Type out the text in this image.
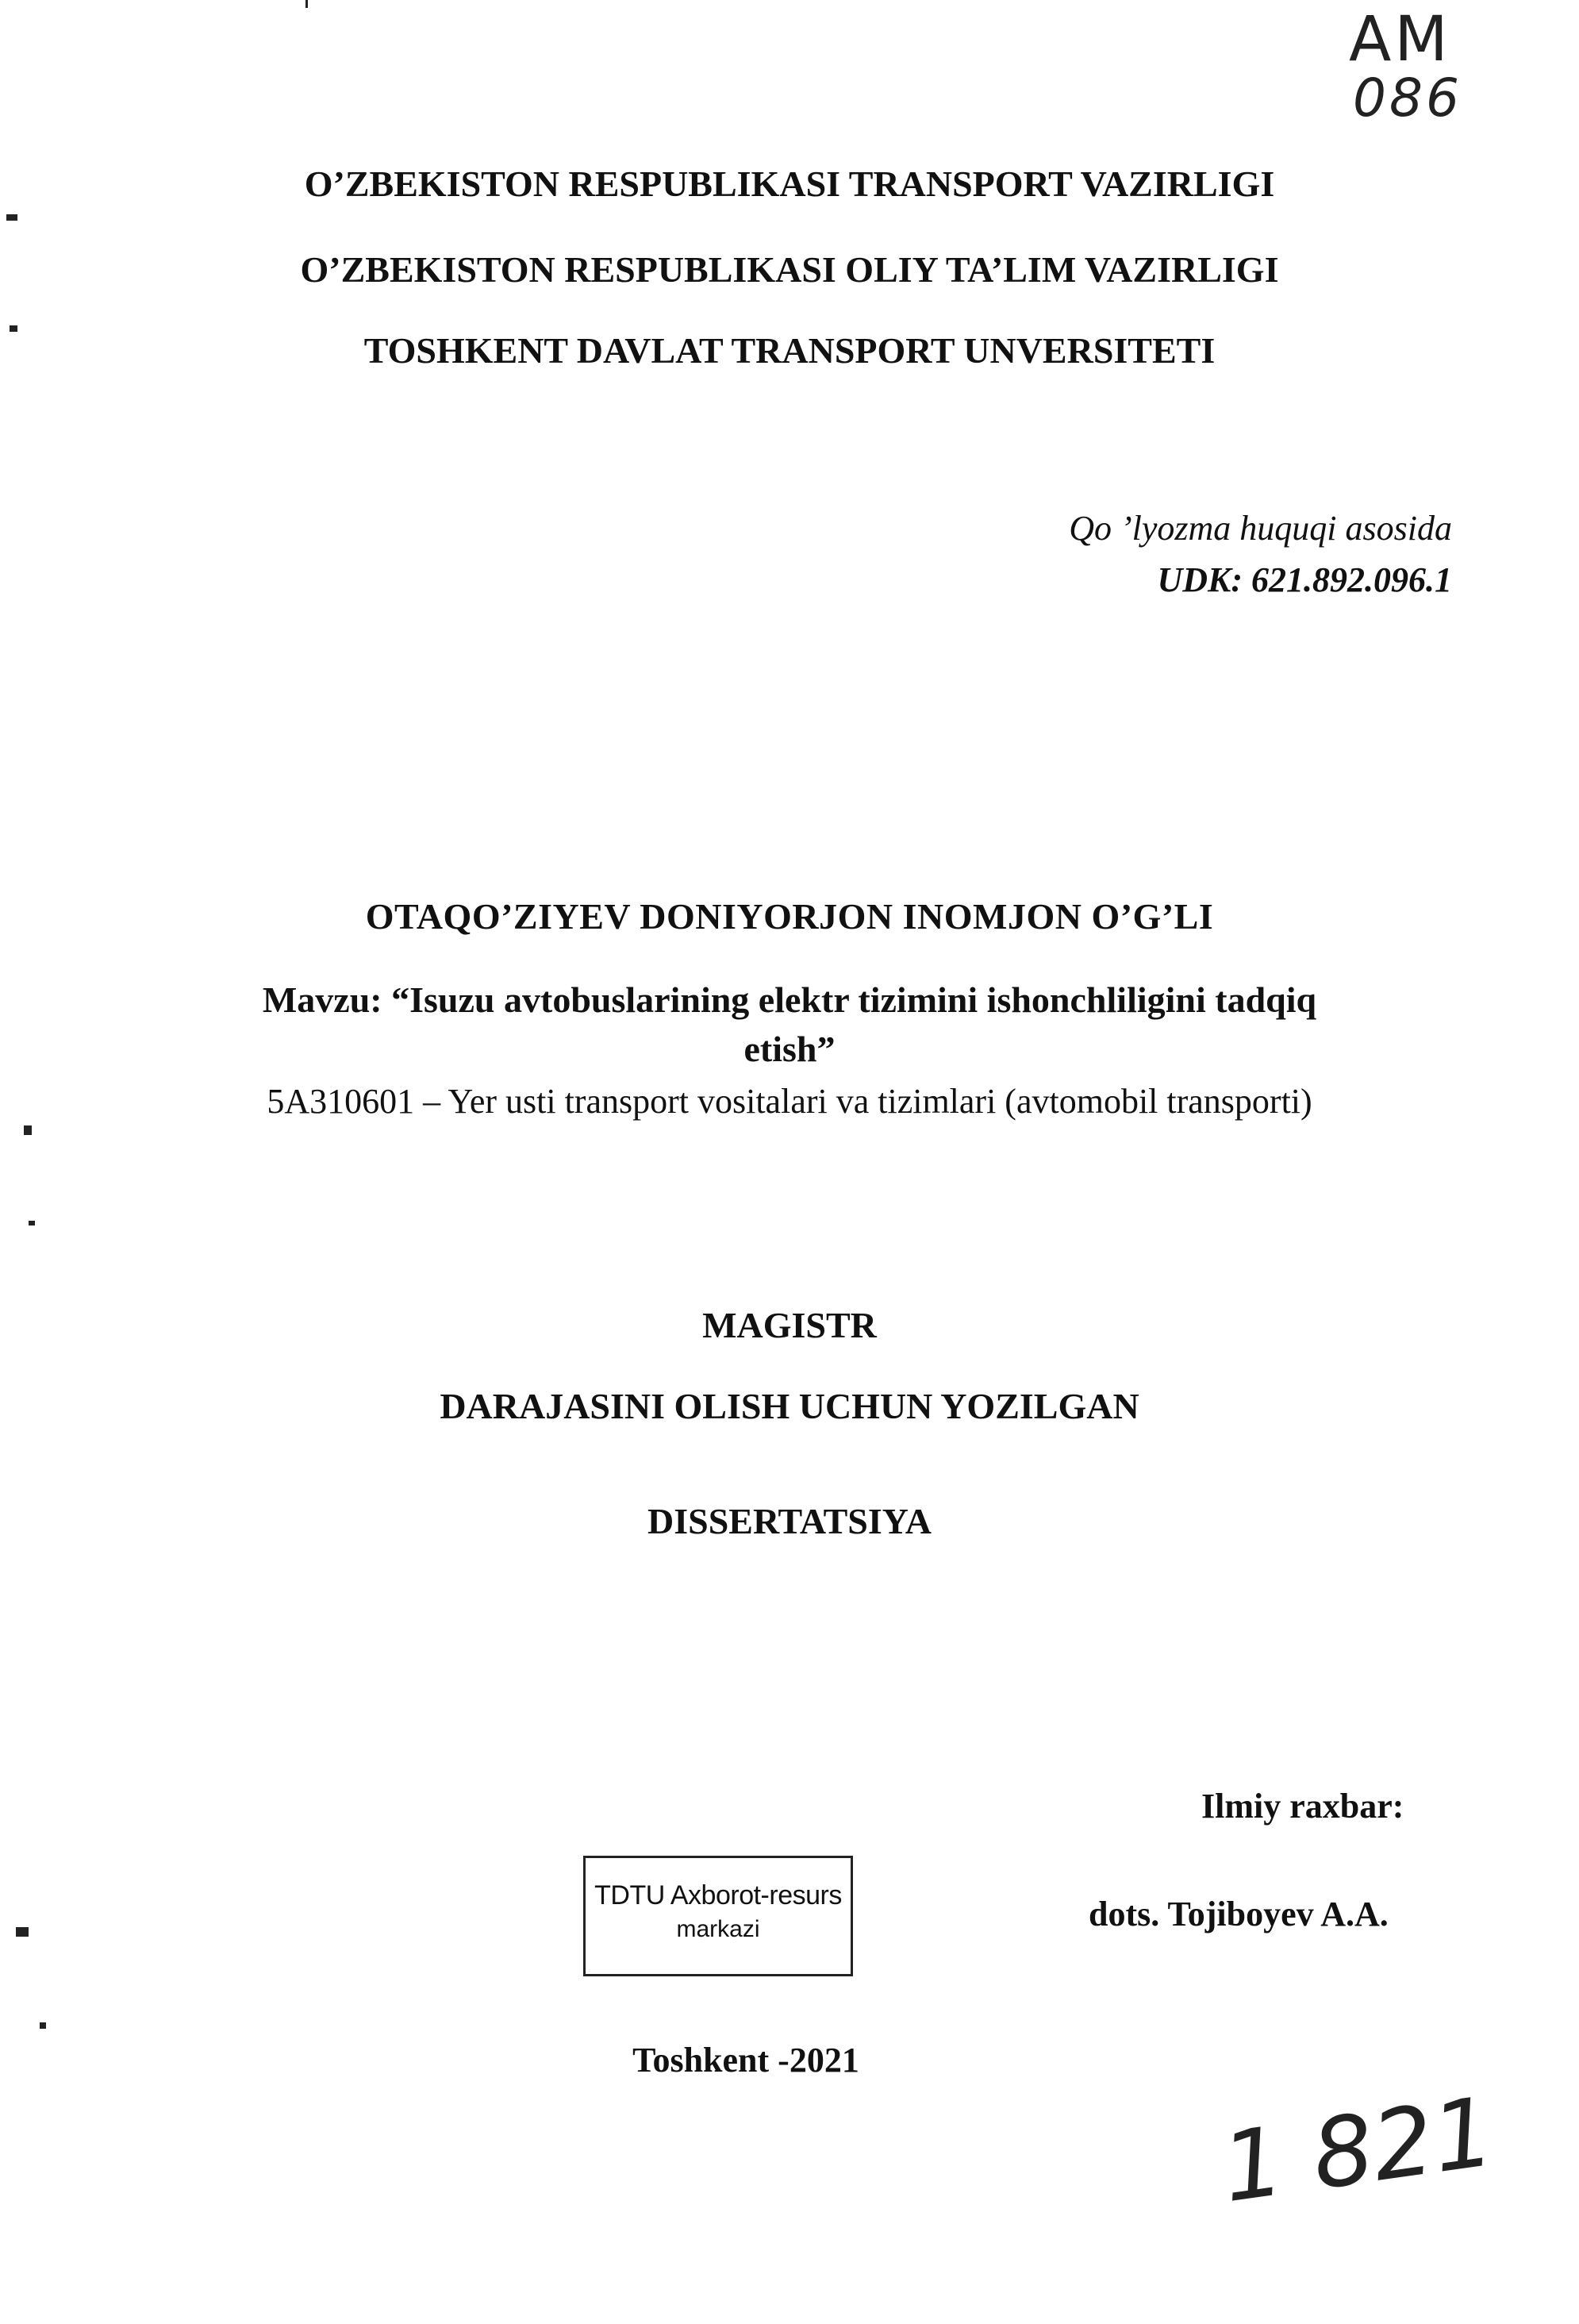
AM
086
O’ZBEKISTON RESPUBLIKASI TRANSPORT VAZIRLIGI
O’ZBEKISTON RESPUBLIKASI OLIY TA’LIM VAZIRLIGI
TOSHKENT DAVLAT TRANSPORT UNVERSITETI
Qo ’lyozma huquqi asosida
UDK: 621.892.096.1
OTAQO’ZIYEV DONIYORJON INOMJON O’G’LI
Mavzu: “Isuzu avtobuslarining elektr tizimini ishonchliligini tadqiq
etish”
5A310601 – Yer usti transport vositalari va tizimlari (avtomobil transporti)
MAGISTR
DARAJASINI OLISH UCHUN YOZILGAN
DISSERTATSIYA
Ilmiy raxbar:
dots. Tojiboyev A.A.
TDTU Axborot-resurs
markazi
Toshkent -2021
1 821
